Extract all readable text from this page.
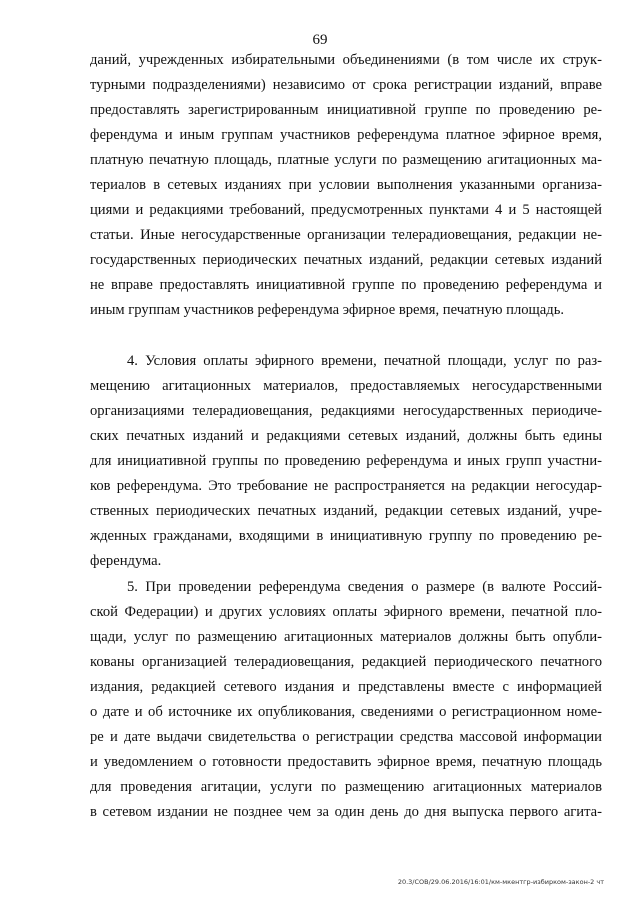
69
даний, учрежденных избирательными объединениями (в том числе их струк-
турными подразделениями) независимо от срока регистрации изданий, вправе
предоставлять зарегистрированным инициативной группе по проведению ре-
ферендума и иным группам участников референдума платное эфирное время,
платную печатную площадь, платные услуги по размещению агитационных ма-
териалов в сетевых изданиях при условии выполнения указанными организа-
циями и редакциями требований, предусмотренных пунктами 4 и 5 настоящей
статьи. Иные негосударственные организации телерадиовещания, редакции не-
государственных периодических печатных изданий, редакции сетевых изданий
не вправе предоставлять инициативной группе по проведению референдума и
иным группам участников референдума эфирное время, печатную площадь.
4. Условия оплаты эфирного времени, печатной площади, услуг по раз-
мещению агитационных материалов, предоставляемых негосударственными
организациями телерадиовещания, редакциями негосударственных периодиче-
ских печатных изданий и редакциями сетевых изданий, должны быть едины
для инициативной группы по проведению референдума и иных групп участни-
ков референдума. Это требование не распространяется на редакции негосудар-
ственных периодических печатных изданий, редакции сетевых изданий, учре-
жденных гражданами, входящими в инициативную группу по проведению ре-
ферендума.
5. При проведении референдума сведения о размере (в валюте Россий-
ской Федерации) и других условиях оплаты эфирного времени, печатной пло-
щади, услуг по размещению агитационных материалов должны быть опубли-
кованы организацией телерадиовещания, редакцией периодического печатного
издания, редакцией сетевого издания и представлены вместе с информацией
о дате и об источнике их опубликования, сведениями о регистрационном номе-
ре и дате выдачи свидетельства о регистрации средства массовой информации
и уведомлением о готовности предоставить эфирное время, печатную площадь
для проведения агитации, услуги по размещению агитационных материалов
в сетевом издании не позднее чем за один день до дня выпуска первого агита-
20.3/СОВ/29.06.2016/16:01/км-мкентгр-избирком-закон-2 чт
